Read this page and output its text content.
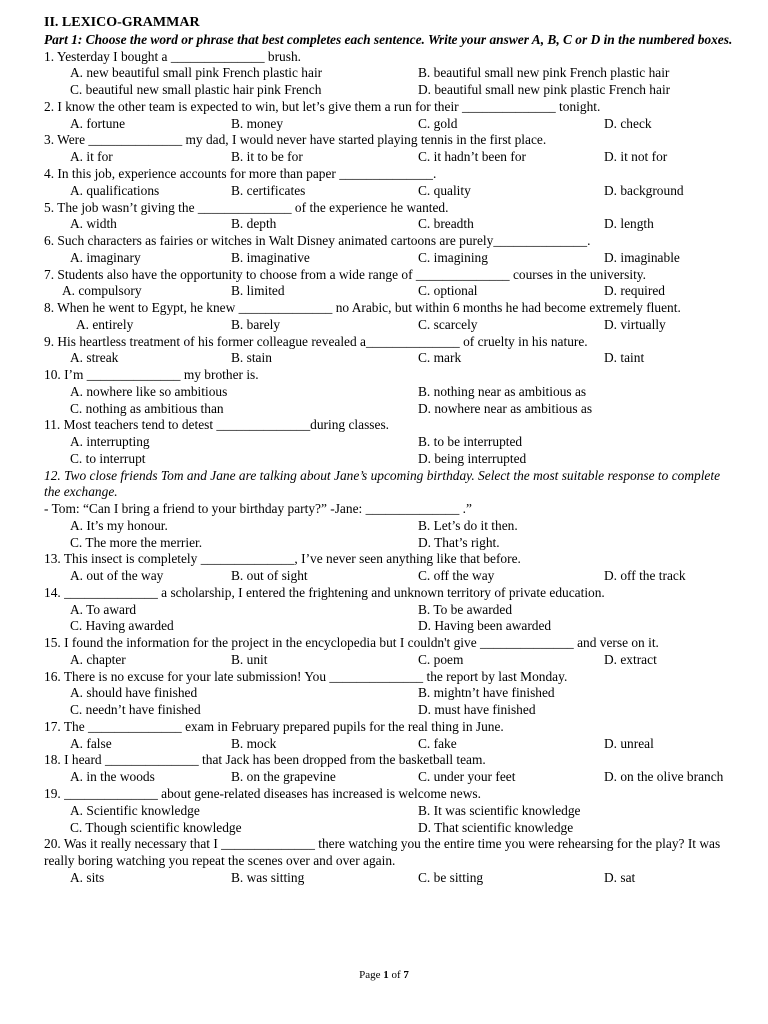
II. LEXICO-GRAMMAR
Part 1: Choose the word or phrase that best completes each sentence. Write your answer A, B, C or D in the numbered boxes.
1. Yesterday I bought a ______________ brush.
A. new beautiful small pink French plastic hair	B. beautiful small new pink French plastic hair
C. beautiful new small plastic hair pink French	D. beautiful small new pink plastic French hair
2. I know the other team is expected to win, but let’s give them a run for their ______________ tonight.
A. fortune	B. money	C. gold	D. check
3. Were ______________ my dad, I would never have started playing tennis in the first place.
A. it for	B. it to be for	C. it hadn’t been for	D. it not for
4. In this job, experience accounts for more than paper ______________.
A. qualifications	B. certificates	C. quality	D. background
5. The job wasn’t giving the ______________ of the experience he wanted.
A. width	B. depth	C. breadth	D. length
6. Such characters as fairies or witches in Walt Disney animated cartoons are purely______________.
A. imaginary	B. imaginative	C. imagining	D. imaginable
7. Students also have the opportunity to choose from a wide range of ______________ courses in the university.
A. compulsory	B. limited	C. optional	D. required
8. When he went to Egypt, he knew ______________ no Arabic, but within 6 months he had become extremely fluent.
A. entirely	B. barely	C. scarcely	D. virtually
9. His heartless treatment of his former colleague revealed a______________ of cruelty in his nature.
A. streak	B. stain	C. mark	D. taint
10. I’m ______________ my brother is.
A. nowhere like so ambitious	B. nothing near as ambitious as
C. nothing as ambitious than	D. nowhere near as ambitious as
11. Most teachers tend to detest ______________during classes.
A. interrupting	B. to be interrupted
C. to interrupt	D. being interrupted
12. Two close friends Tom and Jane are talking about Jane’s upcoming birthday. Select the most suitable response to complete the exchange.
- Tom: “Can I bring a friend to your birthday party?” -Jane: ______________ .”
A. It’s my honour.	B. Let’s do it then.
C. The more the merrier.	D. That’s right.
13. This insect is completely ______________, I’ve never seen anything like that before.
A. out of the way	B. out of sight	C. off the way	D. off the track
14. ______________ a scholarship, I entered the frightening and unknown territory of private education.
A. To award	B. To be awarded
C. Having awarded	D. Having been awarded
15. I found the information for the project in the encyclopedia but I couldn't give ______________ and verse on it.
A. chapter	B. unit	C. poem	D. extract
16. There is no excuse for your late submission! You ______________ the report by last Monday.
A. should have finished	B. mightn’t have finished
C. needn’t have finished	D. must have finished
17. The ______________ exam in February prepared pupils for the real thing in June.
A. false	B. mock	C. fake	D. unreal
18. I heard ______________ that Jack has been dropped from the basketball team.
A. in the woods	B. on the grapevine	C. under your feet	D. on the olive branch
19. ______________ about gene-related diseases has increased is welcome news.
A. Scientific knowledge	B. It was scientific knowledge
C. Though scientific knowledge	D. That scientific knowledge
20. Was it really necessary that I ______________ there watching you the entire time you were rehearsing for the play? It was really boring watching you repeat the scenes over and over again.
A. sits	B. was sitting	C. be sitting	D. sat
Page 1 of 7
